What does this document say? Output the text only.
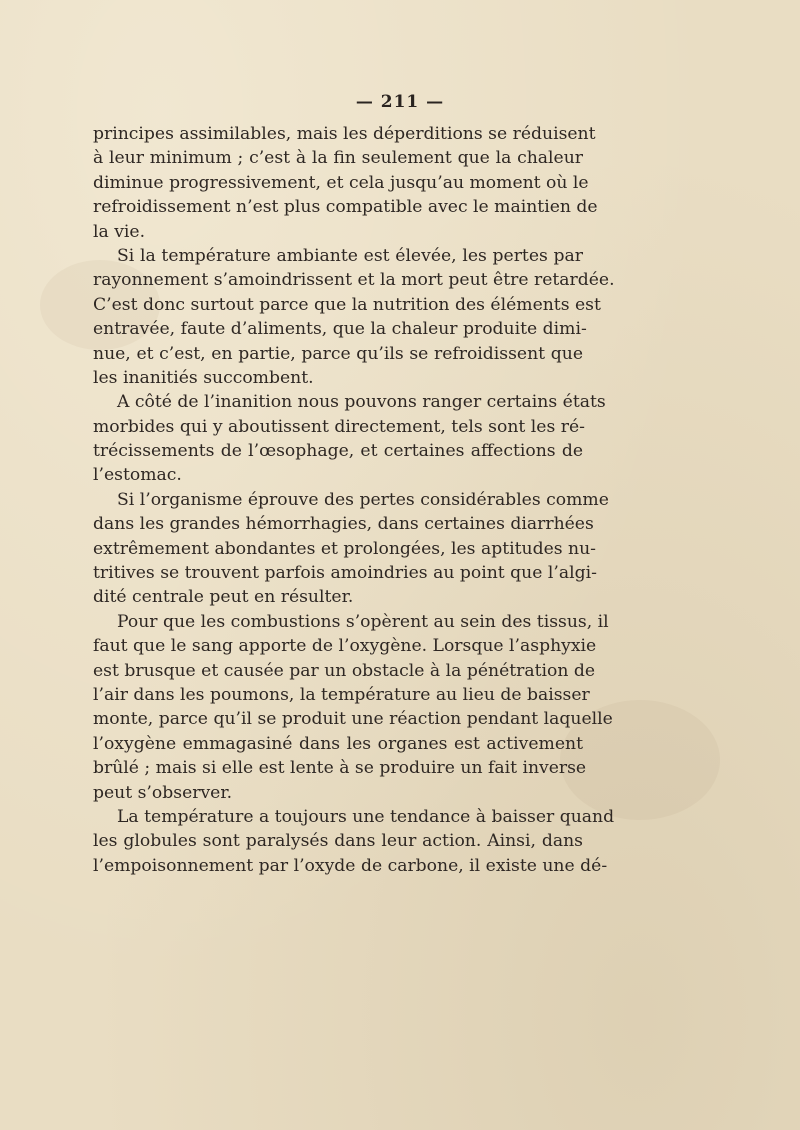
— 211 —
principes assimilables, mais les déperditions se réduisent
à leur minimum ; c’est à la fin seulement que la chaleur
diminue progressivement, et cela jusqu’au moment où le
refroidissement n’est plus compatible avec le maintien de
la vie.
Si la température ambiante est élevée, les pertes par
rayonnement s’amoindrissent et la mort peut être retardée.
C’est donc surtout parce que la nutrition des éléments est
entravée, faute d’aliments, que la chaleur produite dimi-
nue, et c’est, en partie, parce qu’ils se refroidissent que
les inanitiés succombent.
A côté de l’inanition nous pouvons ranger certains états
morbides qui y aboutissent directement, tels sont les ré-
trécissements de l’œsophage, et certaines affections de
l’estomac.
Si l’organisme éprouve des pertes considérables comme
dans les grandes hémorrhagies, dans certaines diarrhées
extrêmement abondantes et prolongées, les aptitudes nu-
tritives se trouvent parfois amoindries au point que l’algi-
dité centrale peut en résulter.
Pour que les combustions s’opèrent au sein des tissus, il
faut que le sang apporte de l’oxygène. Lorsque l’asphyxie
est brusque et causée par un obstacle à la pénétration de
l’air dans les poumons, la température au lieu de baisser
monte, parce qu’il se produit une réaction pendant laquelle
l’oxygène emmagasiné dans les organes est activement
brûlé ; mais si elle est lente à se produire un fait inverse
peut s’observer.
La température a toujours une tendance à baisser quand
les globules sont paralysés dans leur action. Ainsi, dans
l’empoisonnement par l’oxyde de carbone, il existe une dé-
